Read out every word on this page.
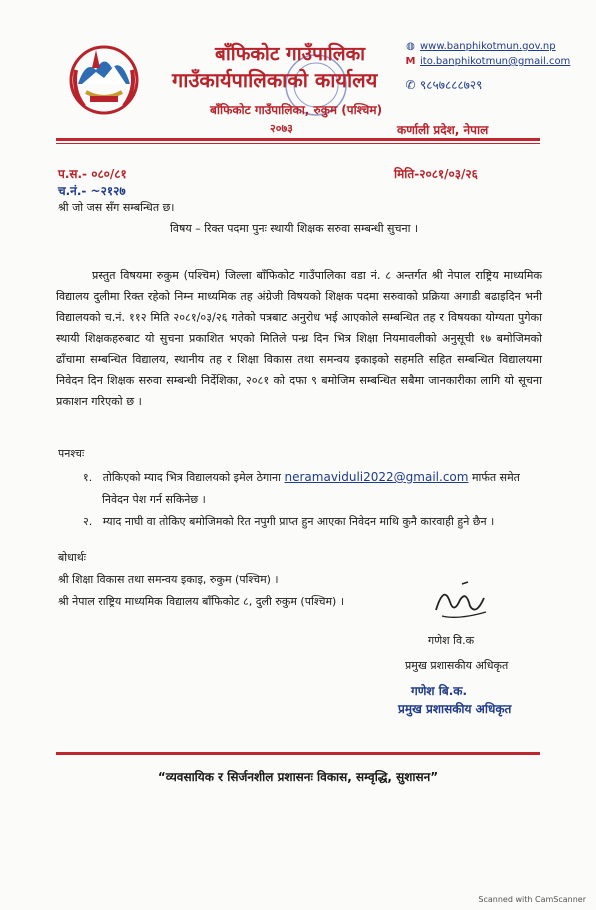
बाँफिकोट गाउँपालिका
गाउँकार्यपालिकाको कार्यालय
बाँफिकोट गाउँपालिका, रुकुम (पश्चिम)
२०७३
◍ www.banphikotmun.gov.np
M ito.banphikotmun@gmail.com
✆ ९८५७८८८७२९
कर्णाली प्रदेश, नेपाल
प.स.- ०८०/८१
च.नं.- ~२१२७
मिति-२०८१/०३/२६
श्री जो जस सँग सम्बन्धित छ।
विषय – रिक्त पदमा पुनः स्थायी शिक्षक सरुवा सम्बन्धी सुचना ।

प्रस्तुत विषयमा रुकुम (पश्चिम) जिल्ला बाँफिकोट गाउँपालिका वडा नं. ८ अन्तर्गत श्री नेपाल राष्ट्रिय माध्यमिक विद्यालय दुलीमा रिक्त रहेको निम्न माध्यमिक तह अंग्रेजी विषयको शिक्षक पदमा सरुवाको प्रक्रिया अगाडी बढाइदिन भनी विद्यालयको च.नं. ११२ मिति २०८१/०३/२६ गतेको पत्रबाट अनुरोध भई आएकोले सम्बन्धित तह र विषयका योग्यता पुगेका स्थायी शिक्षकहरुबाट यो सुचना प्रकाशित भएको मितिले पन्ध्र दिन भित्र शिक्षा नियमावलीको अनुसूची १७ बमोजिमको ढाँचामा सम्बन्धित विद्यालय, स्थानीय तह र शिक्षा विकास तथा समन्वय इकाइको सहमति सहित सम्बन्धित विद्यालयमा निवेदन दिन शिक्षक सरुवा सम्बन्धी निर्देशिका, २०८१ को दफा ९ बमोजिम सम्बन्धित सबैमा जानकारीका लागि यो सूचना प्रकाशन गरिएको छ ।

पनश्चः
१. तोकिएको म्याद भित्र विद्यालयको इमेल ठेगाना neramaviduli2022@gmail.com मार्फत समेत
निवेदन पेश गर्न सकिनेछ ।
२. म्याद नाघी वा तोकिए बमोजिमको रित नपुगी प्राप्त हुन आएका निवेदन माथि कुनै कारवाही हुने छैन ।
बोधार्थः
श्री शिक्षा विकास तथा समन्वय इकाइ, रुकुम (पश्चिम) ।
श्री नेपाल राष्ट्रिय माध्यमिक विद्यालय बाँफिकोट ८, दुली रुकुम (पश्चिम) ।
गणेश वि.क
प्रमुख प्रशासकीय अधिकृत
गणेश बि.क.
प्रमुख प्रशासकीय अधिकृत
“व्यवसायिक र सिर्जनशील प्रशासनः विकास, सम्वृद्धि, सुशासन”
Scanned with CamScanner
